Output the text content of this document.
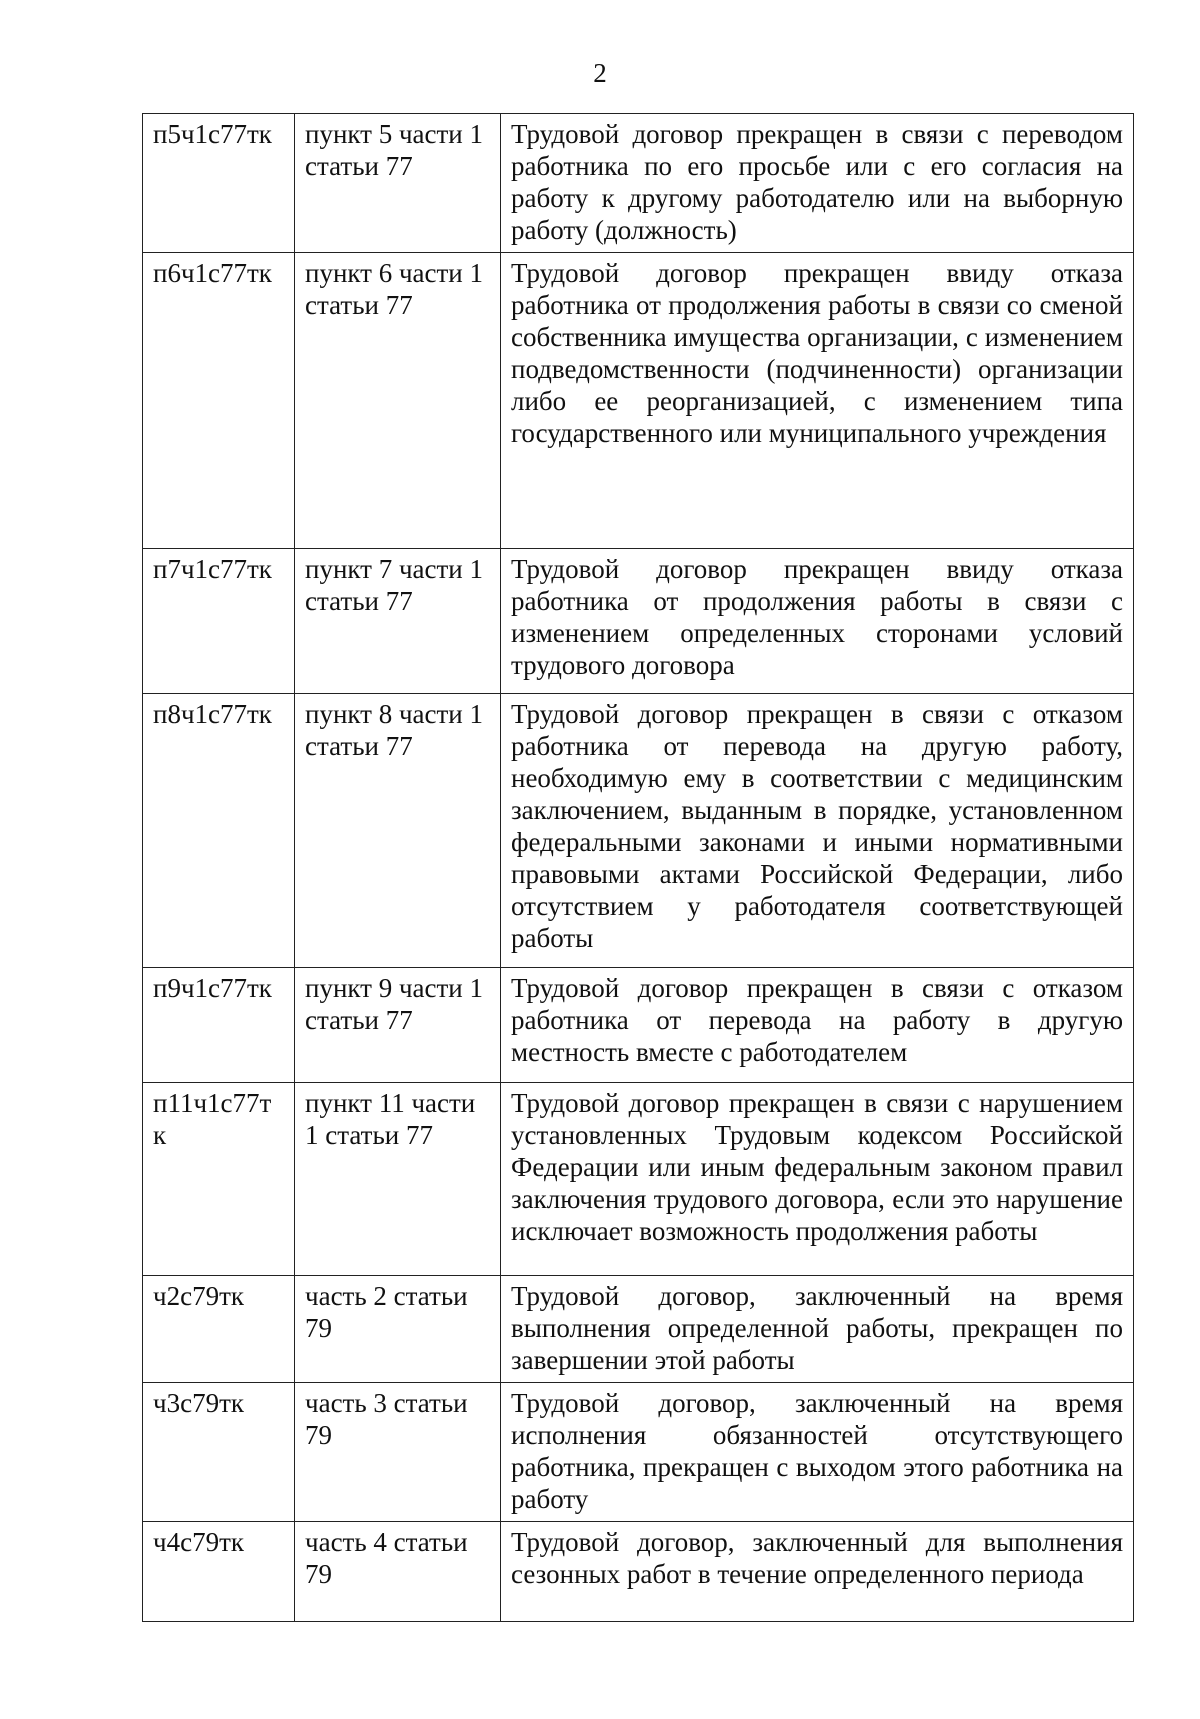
2
п5ч1с77тк	пункт 5 части 1 статьи 77	Трудовой договор прекращен в связи с переводом работника по его просьбе или с его согласия на работу к другому работодателю или на выборную работу (должность)
п6ч1с77тк	пункт 6 части 1 статьи 77	Трудовой договор прекращен ввиду отказа работника от продолжения работы в связи со сменой собственника имущества организации, с изменением подведомственности (подчиненности) организации либо ее реорганизацией, с изменением типа государственного или муниципального учреждения
п7ч1с77тк	пункт 7 части 1 статьи 77	Трудовой договор прекращен ввиду отказа работника от продолжения работы в связи с изменением определенных сторонами условий трудового договора
п8ч1с77тк	пункт 8 части 1 статьи 77	Трудовой договор прекращен в связи с отказом работника от перевода на другую работу, необходимую ему в соответствии с медицинским заключением, выданным в порядке, установленном федеральными законами и иными нормативными правовыми актами Российской Федерации, либо отсутствием у работодателя соответствующей работы
п9ч1с77тк	пункт 9 части 1 статьи 77	Трудовой договор прекращен в связи с отказом работника от перевода на работу в другую местность вместе с работодателем
п11ч1с77тк	пункт 11 части 1 статьи 77	Трудовой договор прекращен в связи с нарушением установленных Трудовым кодексом Российской Федерации или иным федеральным законом правил заключения трудового договора, если это нарушение исключает возможность продолжения работы
ч2с79тк	часть 2 статьи 79	Трудовой договор, заключенный на время выполнения определенной работы, прекращен по завершении этой работы
ч3с79тк	часть 3 статьи 79	Трудовой договор, заключенный на время исполнения обязанностей отсутствующего работника, прекращен с выходом этого работника на работу
ч4с79тк	часть 4 статьи 79	Трудовой договор, заключенный для выполнения сезонных работ в течение определенного периода
